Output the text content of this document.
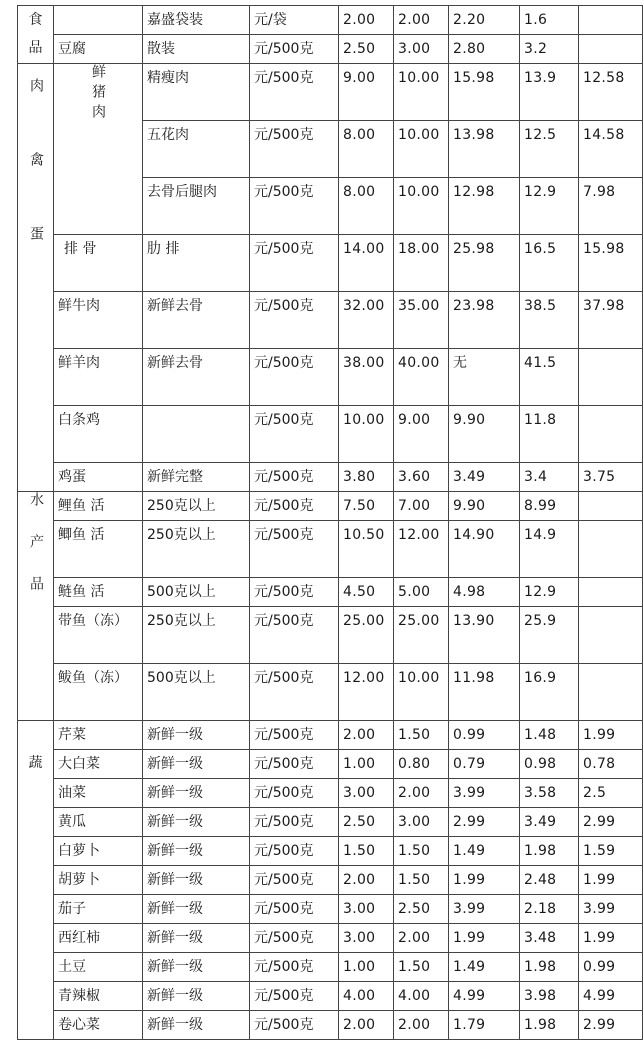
食品		嘉盛袋装	元/袋	2.00	2.00	2.20	1.6	
	豆腐	散装	元/500克	2.50	3.00	2.80	3.2	
肉禽蛋	鲜猪肉	精瘦肉	元/500克	9.00	10.00	15.98	13.9	12.58
		五花肉	元/500克	8.00	10.00	13.98	12.5	14.58
		去骨后腿肉	元/500克	8.00	10.00	12.98	12.9	7.98
	排 骨	肋 排	元/500克	14.00	18.00	25.98	16.5	15.98
	鲜牛肉	新鲜去骨	元/500克	32.00	35.00	23.98	38.5	37.98
	鲜羊肉	新鲜去骨	元/500克	38.00	40.00	无	41.5	
	白条鸡		元/500克	10.00	9.00	9.90	11.8	
	鸡蛋	新鲜完整	元/500克	3.80	3.60	3.49	3.4	3.75
水产品	鲤鱼 活	250克以上	元/500克	7.50	7.00	9.90	8.99	
	鲫鱼 活	250克以上	元/500克	10.50	12.00	14.90	14.9	
	鲢鱼 活	500克以上	元/500克	4.50	5.00	4.98	12.9	
	带鱼（冻）	250克以上	元/500克	25.00	25.00	13.90	25.9	
	鲅鱼（冻）	500克以上	元/500克	12.00	10.00	11.98	16.9	

蔬	芹菜	新鲜一级	元/500克	2.00	1.50	0.99	1.48	1.99
	大白菜	新鲜一级	元/500克	1.00	0.80	0.79	0.98	0.78
	油菜	新鲜一级	元/500克	3.00	2.00	3.99	3.58	2.5
	黄瓜	新鲜一级	元/500克	2.50	3.00	2.99	3.49	2.99
	白萝卜	新鲜一级	元/500克	1.50	1.50	1.49	1.98	1.59
	胡萝卜	新鲜一级	元/500克	2.00	1.50	1.99	2.48	1.99
	茄子	新鲜一级	元/500克	3.00	2.50	3.99	2.18	3.99
	西红柿	新鲜一级	元/500克	3.00	2.00	1.99	3.48	1.99
	土豆	新鲜一级	元/500克	1.00	1.50	1.49	1.98	0.99
	青辣椒	新鲜一级	元/500克	4.00	4.00	4.99	3.98	4.99
	卷心菜	新鲜一级	元/500克	2.00	2.00	1.79	1.98	2.99
